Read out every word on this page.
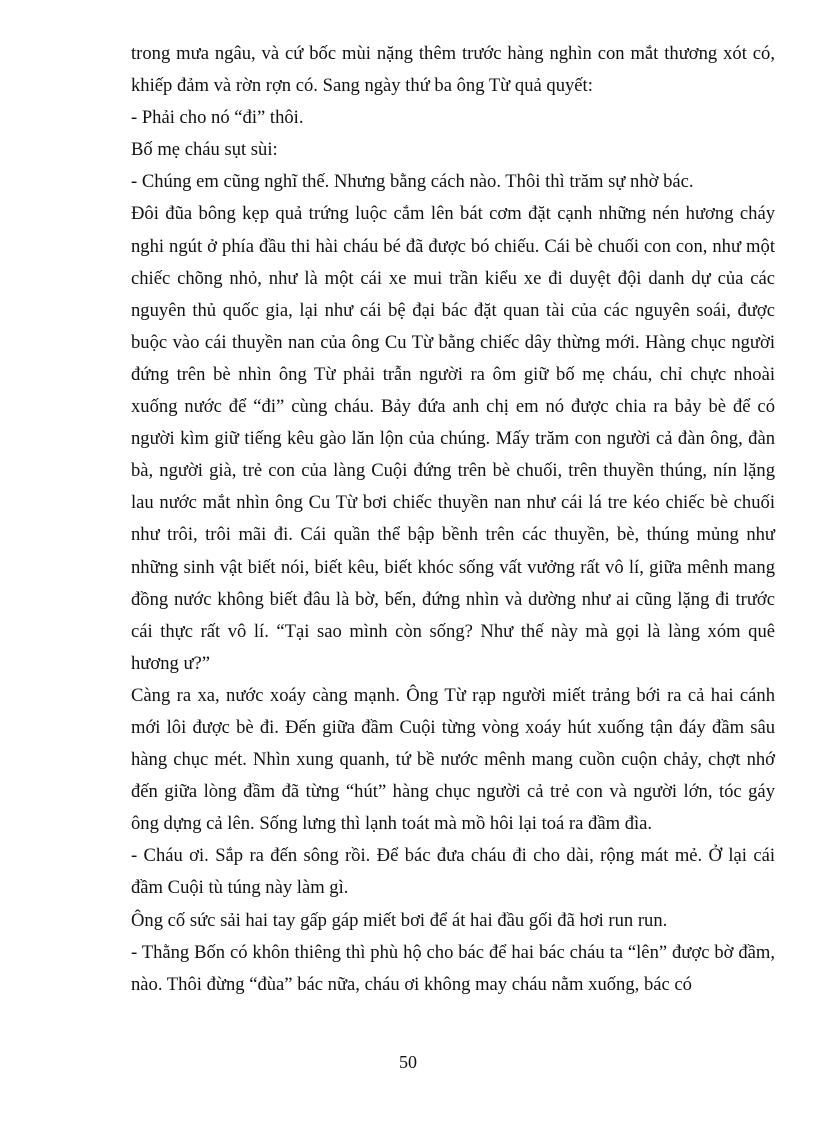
trong mưa ngâu, và cứ bốc mùi nặng thêm trước hàng nghìn con mắt thương xót có, khiếp đảm và rờn rợn có. Sang ngày thứ ba ông Từ quả quyết:

- Phải cho nó “đi” thôi.

Bố mẹ cháu sụt sùi:

- Chúng em cũng nghĩ thế. Nhưng bằng cách nào. Thôi thì trăm sự nhờ bác.

Đôi đũa bông kẹp quả trứng luộc cắm lên bát cơm đặt cạnh những nén hương cháy nghi ngút ở phía đầu thi hài cháu bé đã được bó chiếu. Cái bè chuối con con, như một chiếc chõng nhỏ, như là một cái xe mui trần kiểu xe đi duyệt đội danh dự của các nguyên thủ quốc gia, lại như cái bệ đại bác đặt quan tài của các nguyên soái, được buộc vào cái thuyền nan của ông Cu Từ bằng chiếc dây thừng mới. Hàng chục người đứng trên bè nhìn ông Từ phải trẫn người ra ôm giữ bố mẹ cháu, chỉ chực nhoài xuống nước để “đi” cùng cháu. Bảy đứa anh chị em nó được chia ra bảy bè để có người kìm giữ tiếng kêu gào lăn lộn của chúng. Mấy trăm con người cả đàn ông, đàn bà, người già, trẻ con của làng Cuội đứng trên bè chuối, trên thuyền thúng, nín lặng lau nước mắt nhìn ông Cu Từ bơi chiếc thuyền nan như cái lá tre kéo chiếc bè chuối như trôi, trôi mãi đi. Cái quần thể bập bềnh trên các thuyền, bè, thúng mủng như những sinh vật biết nói, biết kêu, biết khóc sống vất vưởng rất vô lí, giữa mênh mang đồng nước không biết đâu là bờ, bến, đứng nhìn và dường như ai cũng lặng đi trước cái thực rất vô lí. “Tại sao mình còn sống? Như thế này mà gọi là làng xóm quê hương ư?”

Càng ra xa, nước xoáy càng mạnh. Ông Từ rạp người miết trảng bới ra cả hai cánh mới lôi được bè đi. Đến giữa đầm Cuội từng vòng xoáy hút xuống tận đáy đầm sâu hàng chục mét. Nhìn xung quanh, tứ bề nước mênh mang cuồn cuộn chảy, chợt nhớ đến giữa lòng đầm đã từng “hút” hàng chục người cả trẻ con và người lớn, tóc gáy ông dựng cả lên. Sống lưng thì lạnh toát mà mồ hôi lại toá ra đầm đìa.

- Cháu ơi. Sắp ra đến sông rồi. Để bác đưa cháu đi cho dài, rộng mát mẻ. Ở lại cái đầm Cuội tù túng này làm gì.

Ông cố sức sải hai tay gấp gáp miết bơi để át hai đầu gối đã hơi run run.

- Thằng Bốn có khôn thiêng thì phù hộ cho bác để hai bác cháu ta “lên” được bờ đầm, nào. Thôi đừng “đùa” bác nữa, cháu ơi không may cháu nằm xuống, bác có

50
